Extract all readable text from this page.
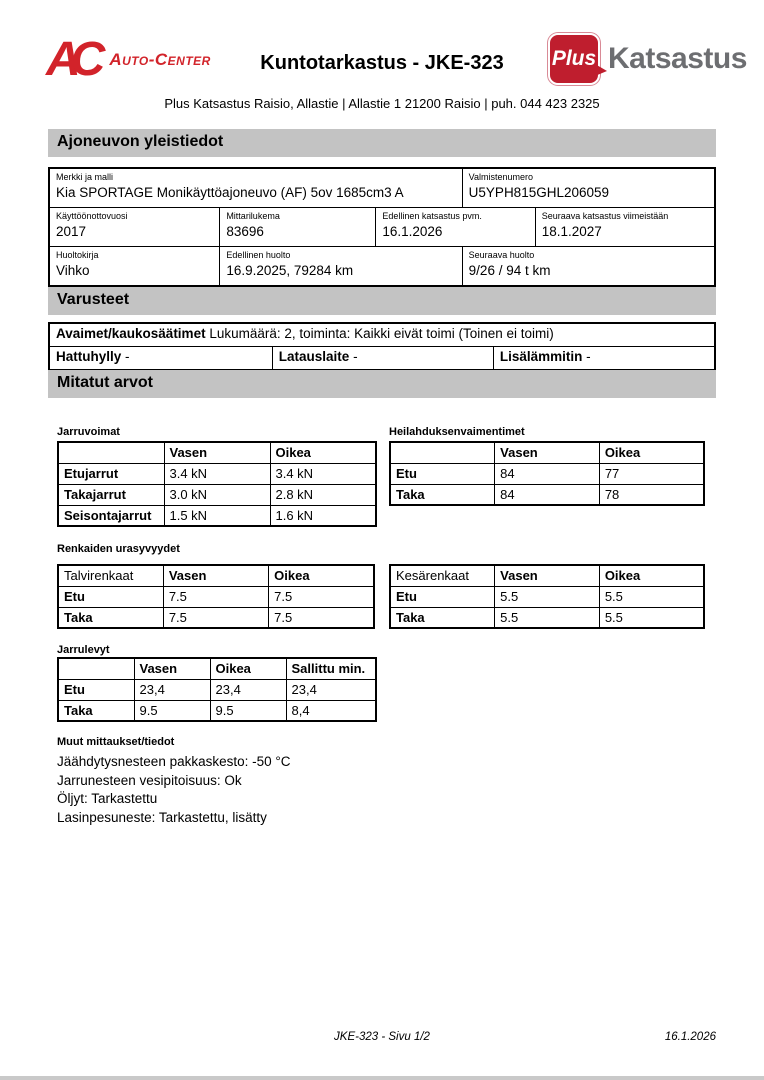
AC Auto-Center	Kuntotarkastus - JKE-323	Plus Katsastus
Plus Katsastus Raisio, Allastie | Allastie 1 21200 Raisio | puh. 044 423 2325
Ajoneuvon yleistiedot
Merkki ja malli
Kia SPORTAGE Monikäyttöajoneuvo (AF) 5ov 1685cm3 A
Valmistenumero
U5YPH815GHL206059
Käyttöönottovuosi
2017
Mittarilukema
83696
Edellinen katsastus pvm.
16.1.2026
Seuraava katsastus viimeistään
18.1.2027
Huoltokirja
Vihko
Edellinen huolto
16.9.2025, 79284 km
Seuraava huolto
9/26 / 94 t km
Varusteet
Avaimet/kaukosäätimet Lukumäärä: 2, toiminta: Kaikki eivät toimi (Toinen ei toimi)
Hattuhylly -	Latauslaite -	Lisälämmitin -
Mitatut arvot
Jarruvoimat
	Vasen	Oikea
Etujarrut	3.4 kN	3.4 kN
Takajarrut	3.0 kN	2.8 kN
Seisontajarrut	1.5 kN	1.6 kN
Heilahduksenvaimentimet
	Vasen	Oikea
Etu	84	77
Taka	84	78
Renkaiden urasyvyydet
Talvirenkaat	Vasen	Oikea
Etu	7.5	7.5
Taka	7.5	7.5
Kesärenkaat	Vasen	Oikea
Etu	5.5	5.5
Taka	5.5	5.5
Jarrulevyt
	Vasen	Oikea	Sallittu min.
Etu	23,4	23,4	23,4
Taka	9.5	9.5	8,4
Muut mittaukset/tiedot
Jäähdytysnesteen pakkaskesto: -50 °C
Jarrunesteen vesipitoisuus: Ok
Öljyt: Tarkastettu
Lasinpesuneste: Tarkastettu, lisätty
JKE-323 - Sivu 1/2	16.1.2026
